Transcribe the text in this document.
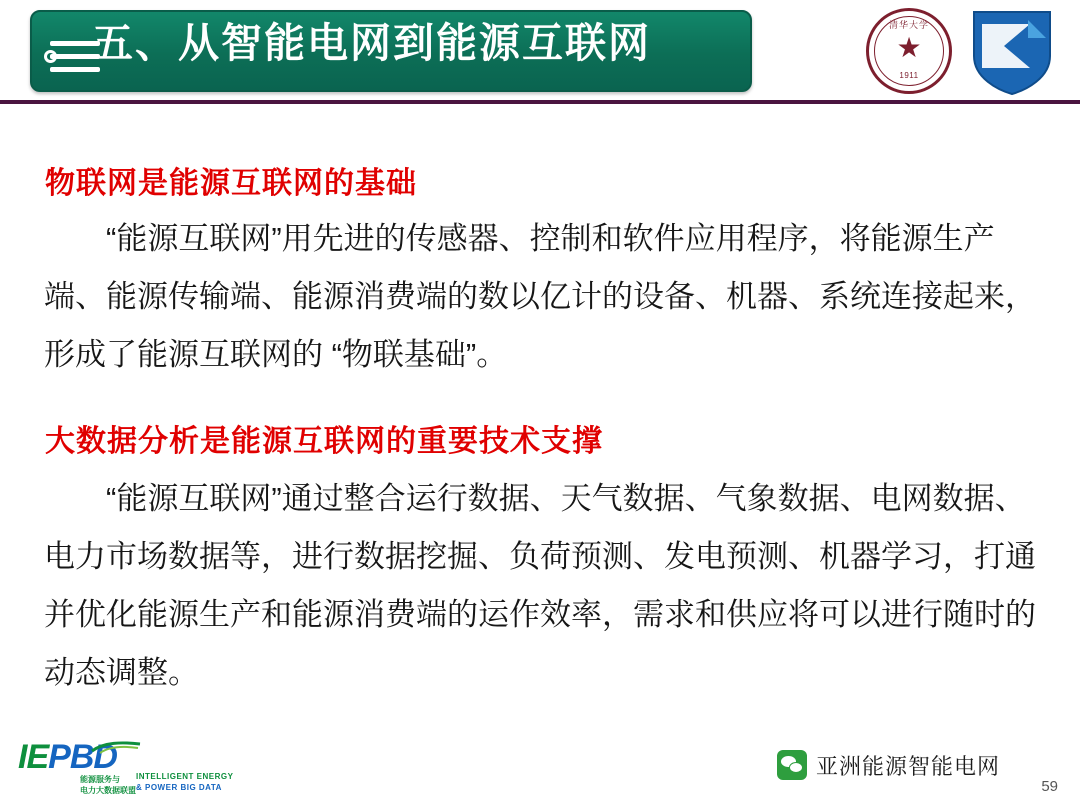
五、从智能电网到能源互联网	清华大学
★
1911
物联网是能源互联网的基础
“能源互联网”用先进的传感器、控制和软件应用程序，将能源生产端、能源传输端、能源消费端的数以亿计的设备、机器、系统连接起来，形成了能源互联网的 “物联基础”。
大数据分析是能源互联网的重要技术支撑
“能源互联网”通过整合运行数据、天气数据、气象数据、电网数据、电力市场数据等，进行数据挖掘、负荷预测、发电预测、机器学习，打通并优化能源生产和能源消费端的运作效率，需求和供应将可以进行随时的动态调整。
IEPBD
能源服务与
电力大数据联盟
INTELLIGENT ENERGY
& POWER BIG DATA
亚洲能源智能电网
59
